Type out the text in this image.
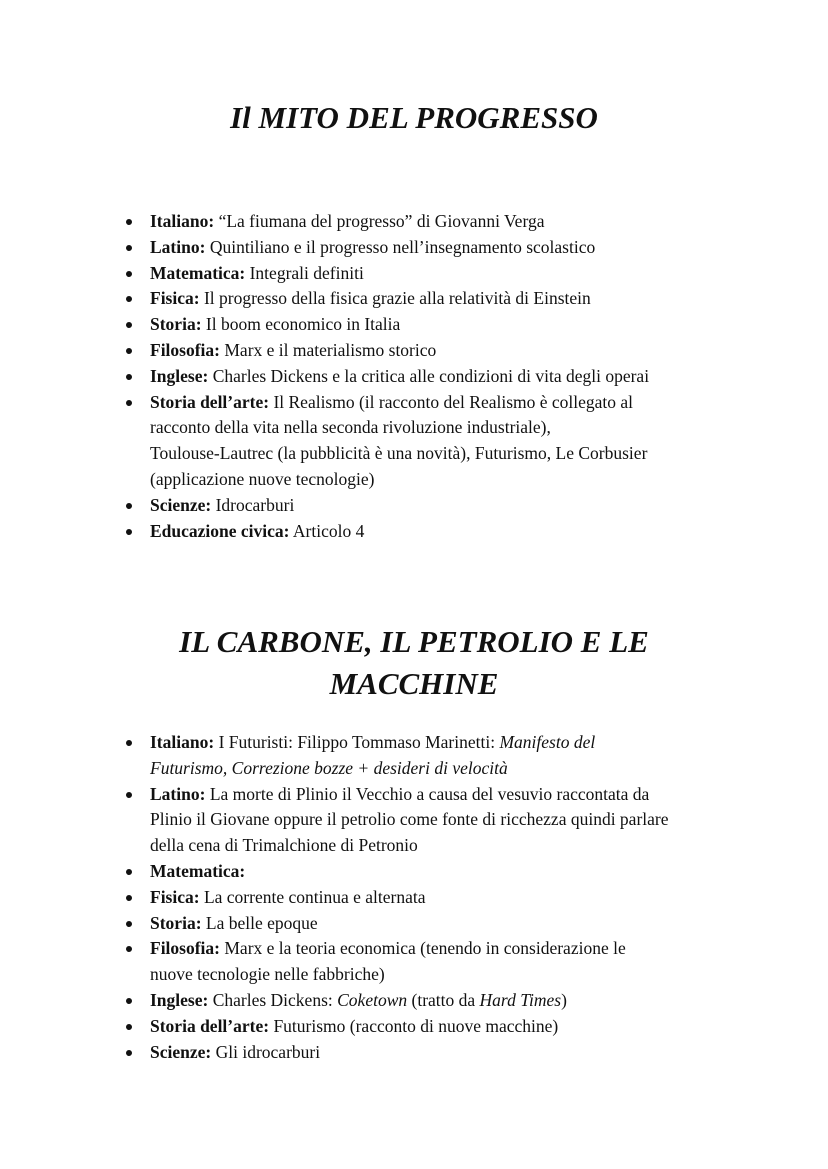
Il MITO DEL PROGRESSO
Italiano: “La fiumana del progresso” di Giovanni Verga
Latino: Quintiliano e il progresso nell’insegnamento scolastico
Matematica: Integrali definiti
Fisica: Il progresso della fisica grazie alla relatività di Einstein
Storia: Il boom economico in Italia
Filosofia: Marx e il materialismo storico
Inglese: Charles Dickens e la critica alle condizioni di vita degli operai
Storia dell’arte: Il Realismo (il racconto del Realismo è collegato al
racconto della vita nella seconda rivoluzione industriale),
Toulouse-Lautrec (la pubblicità è una novità), Futurismo, Le Corbusier
(applicazione nuove tecnologie)
Scienze: Idrocarburi
Educazione civica: Articolo 4
IL CARBONE, IL PETROLIO E LE
MACCHINE
Italiano: I Futuristi: Filippo Tommaso Marinetti: Manifesto del
Futurismo, Correzione bozze + desideri di velocità
Latino: La morte di Plinio il Vecchio a causa del vesuvio raccontata da
Plinio il Giovane oppure il petrolio come fonte di ricchezza quindi parlare
della cena di Trimalchione di Petronio
Matematica:
Fisica: La corrente continua e alternata
Storia: La belle epoque
Filosofia: Marx e la teoria economica (tenendo in considerazione le
nuove tecnologie nelle fabbriche)
Inglese: Charles Dickens: Coketown (tratto da Hard Times)
Storia dell’arte: Futurismo (racconto di nuove macchine)
Scienze: Gli idrocarburi
